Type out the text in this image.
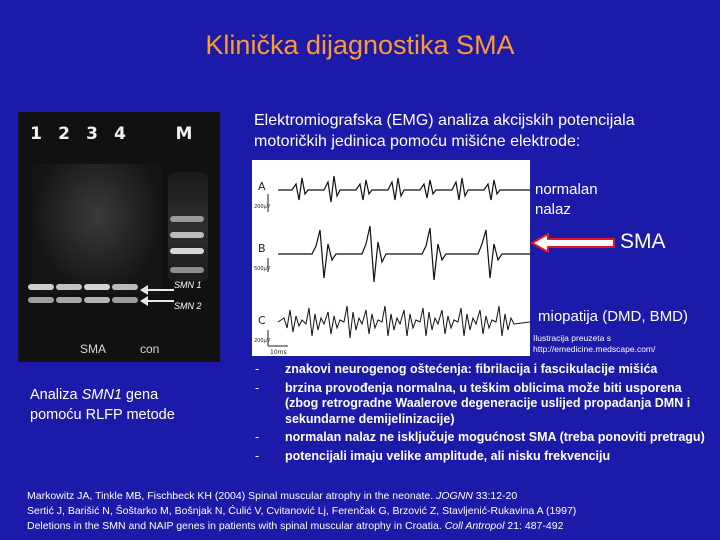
Klinička dijagnostika SMA
1 2 3 4	M
SMN 1
SMN 2
SMA	con
Elektromiografska (EMG) analiza akcijskih potencijala
motoričkih jedinica pomoću mišićne elektrode:
A
B
C
200µV
500µV
200µV
10ms
normalan
nalaz
SMA
miopatija (DMD, BMD)
Ilustracija preuzeta s
http://emedicine.medscape.com/
Analiza SMN1 gena
pomoću RLFP metode
- znakovi neurogenog oštećenja: fibrilacija i fascikulacije mišića
- brzina provođenja normalna, u teškim oblicima može biti usporena (zbog retrogradne Waalerove degeneracije uslijed propadanja DMN i sekundarne demijelinizacije)
- normalan nalaz ne isključuje mogućnost SMA (treba ponoviti pretragu)
- potencijali imaju velike amplitude, ali nisku frekvenciju
Markowitz JA, Tinkle MB, Fischbeck KH (2004) Spinal muscular atrophy in the neonate. JOGNN 33:12-20
Sertić J, Barišić N, Šoštarko M, Bošnjak N, Ćulić V, Cvitanović Lj, Ferenčak G, Brzović Z, Stavljenić-Rukavina A (1997)
Deletions in the SMN and NAIP genes in patients with spinal muscular atrophy in Croatia. Coll Antropol 21: 487-492
